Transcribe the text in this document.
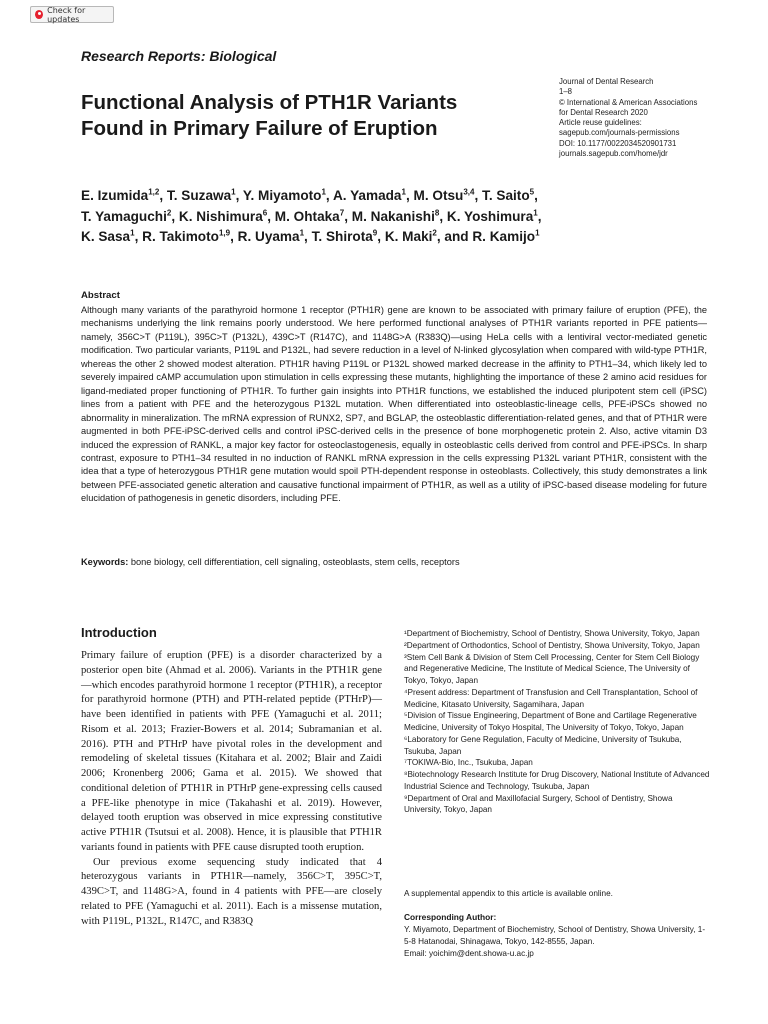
Check for updates
Research Reports: Biological
Functional Analysis of PTH1R Variants Found in Primary Failure of Eruption
Journal of Dental Research
1–8
© International & American Associations
for Dental Research 2020
Article reuse guidelines:
sagepub.com/journals-permissions
DOI: 10.1177/0022034520901731
journals.sagepub.com/home/jdr
E. Izumida$^{1,2}$, T. Suzawa$^1$, Y. Miyamoto$^1$, A. Yamada$^1$, M. Otsu$^{3,4}$, T. Saito$^5$,
T. Yamaguchi$^2$, K. Nishimura$^6$, M. Ohtaka$^7$, M. Nakanishi$^8$, K. Yoshimura$^1$,
K. Sasa$^1$, R. Takimoto$^{1,9}$, R. Uyama$^1$, T. Shirota$^9$, K. Maki$^2$, and R. Kamijo$^1$
Abstract
Although many variants of the parathyroid hormone 1 receptor (PTH1R) gene are known to be associated with primary failure of eruption (PFE), the mechanisms underlying the link remains poorly understood. We here performed functional analyses of PTH1R variants reported in PFE patients—namely, 356C>T (P119L), 395C>T (P132L), 439C>T (R147C), and 1148G>A (R383Q)—using HeLa cells with a lentiviral vector-mediated genetic modification. Two particular variants, P119L and P132L, had severe reduction in a level of N-linked glycosylation when compared with wild-type PTH1R, whereas the other 2 showed modest alteration. PTH1R having P119L or P132L showed marked decrease in the affinity to PTH1–34, which likely led to severely impaired cAMP accumulation upon stimulation in cells expressing these mutants, highlighting the importance of these 2 amino acid residues for ligand-mediated proper functioning of PTH1R. To further gain insights into PTH1R functions, we established the induced pluripotent stem cell (iPSC) lines from a patient with PFE and the heterozygous P132L mutation. When differentiated into osteoblastic-lineage cells, PFE-iPSCs showed no abnormality in mineralization. The mRNA expression of RUNX2, SP7, and BGLAP, the osteoblastic differentiation-related genes, and that of PTH1R were augmented in both PFE-iPSC-derived cells and control iPSC-derived cells in the presence of bone morphogenetic protein 2. Also, active vitamin D3 induced the expression of RANKL, a major key factor for osteoclastogenesis, equally in osteoblastic cells derived from control and PFE-iPSCs. In sharp contrast, exposure to PTH1–34 resulted in no induction of RANKL mRNA expression in the cells expressing P132L variant PTH1R, consistent with the idea that a type of heterozygous PTH1R gene mutation would spoil PTH-dependent response in osteoblasts. Collectively, this study demonstrates a link between PFE-associated genetic alteration and causative functional impairment of PTH1R, as well as a utility of iPSC-based disease modeling for future elucidation of pathogenesis in genetic disorders, including PFE.
Keywords: bone biology, cell differentiation, cell signaling, osteoblasts, stem cells, receptors
Introduction

Primary failure of eruption (PFE) is a disorder characterized by a posterior open bite (Ahmad et al. 2006). Variants in the PTH1R gene—which encodes parathyroid hormone 1 receptor (PTH1R), a receptor for parathyroid hormone (PTH) and PTH-related peptide (PTHrP)—have been identified in patients with PFE (Yamaguchi et al. 2011; Risom et al. 2013; Frazier-Bowers et al. 2014; Subramanian et al. 2016). PTH and PTHrP have pivotal roles in the development and remodeling of skeletal tissues (Kitahara et al. 2002; Blair and Zaidi 2006; Kronenberg 2006; Gama et al. 2015). We showed that conditional deletion of PTH1R in PTHrP gene-expressing cells caused a PFE-like phenotype in mice (Takahashi et al. 2019). However, delayed tooth eruption was observed in mice expressing constitutive active PTH1R (Tsutsui et al. 2008). Hence, it is plausible that PTH1R variants found in patients with PFE cause disrupted tooth eruption.

Our previous exome sequencing study indicated that 4 heterozygous variants in PTH1R—namely, 356C>T, 395C>T, 439C>T, and 1148G>A, found in 4 patients with PFE—are closely related to PFE (Yamaguchi et al. 2011). Each is a missense mutation, with P119L, P132L, R147C, and R383Q

¹Department of Biochemistry, School of Dentistry, Showa University, Tokyo, Japan
²Department of Orthodontics, School of Dentistry, Showa University, Tokyo, Japan
³Stem Cell Bank & Division of Stem Cell Processing, Center for Stem Cell Biology and Regenerative Medicine, The Institute of Medical Science, The University of Tokyo, Tokyo, Japan
⁴Present address: Department of Transfusion and Cell Transplantation, School of Medicine, Kitasato University, Sagamihara, Japan
⁵Division of Tissue Engineering, Department of Bone and Cartilage Regenerative Medicine, University of Tokyo Hospital, The University of Tokyo, Tokyo, Japan
⁶Laboratory for Gene Regulation, Faculty of Medicine, University of Tsukuba, Tsukuba, Japan
⁷TOKIWA-Bio, Inc., Tsukuba, Japan
⁸Biotechnology Research Institute for Drug Discovery, National Institute of Advanced Industrial Science and Technology, Tsukuba, Japan
⁹Department of Oral and Maxillofacial Surgery, School of Dentistry, Showa University, Tokyo, Japan
A supplemental appendix to this article is available online.
Corresponding Author:
Y. Miyamoto, Department of Biochemistry, School of Dentistry, Showa University, 1-5-8 Hatanodai, Shinagawa, Tokyo, 142-8555, Japan.
Email: yoichim@dent.showa-u.ac.jp
